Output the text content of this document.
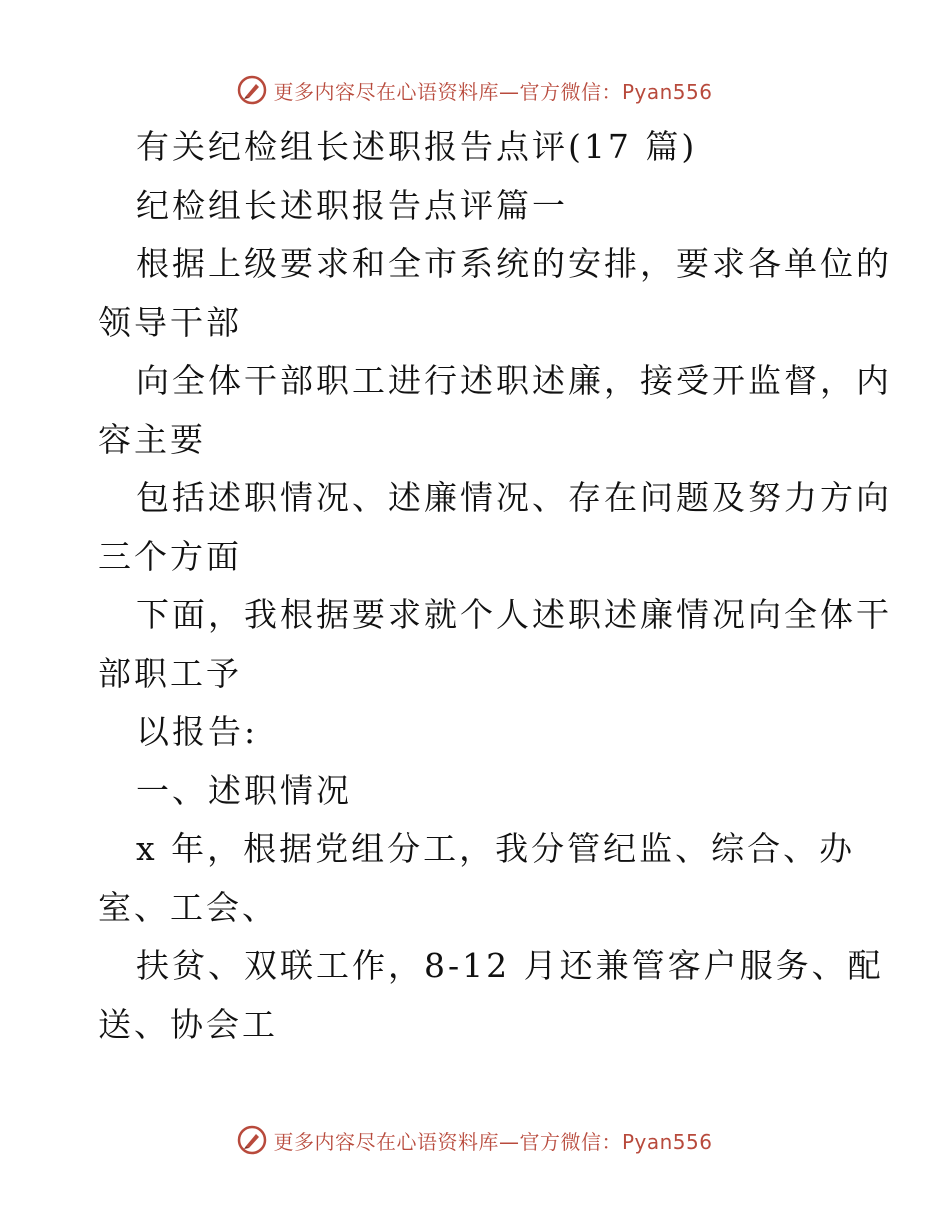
更多内容尽在心语资料库—官方微信：Pyan556
有关纪检组长述职报告点评(17 篇)
纪检组长述职报告点评篇一
根据上级要求和全市系统的安排，要求各单位的
领导干部
向全体干部职工进行述职述廉，接受开监督，内
容主要
包括述职情况、述廉情况、存在问题及努力方向
三个方面
下面，我根据要求就个人述职述廉情况向全体干
部职工予
以报告:
一、述职情况
x 年，根据党组分工，我分管纪监、综合、办
室、工会、
扶贫、双联工作，8-12 月还兼管客户服务、配
送、协会工
更多内容尽在心语资料库—官方微信：Pyan556
